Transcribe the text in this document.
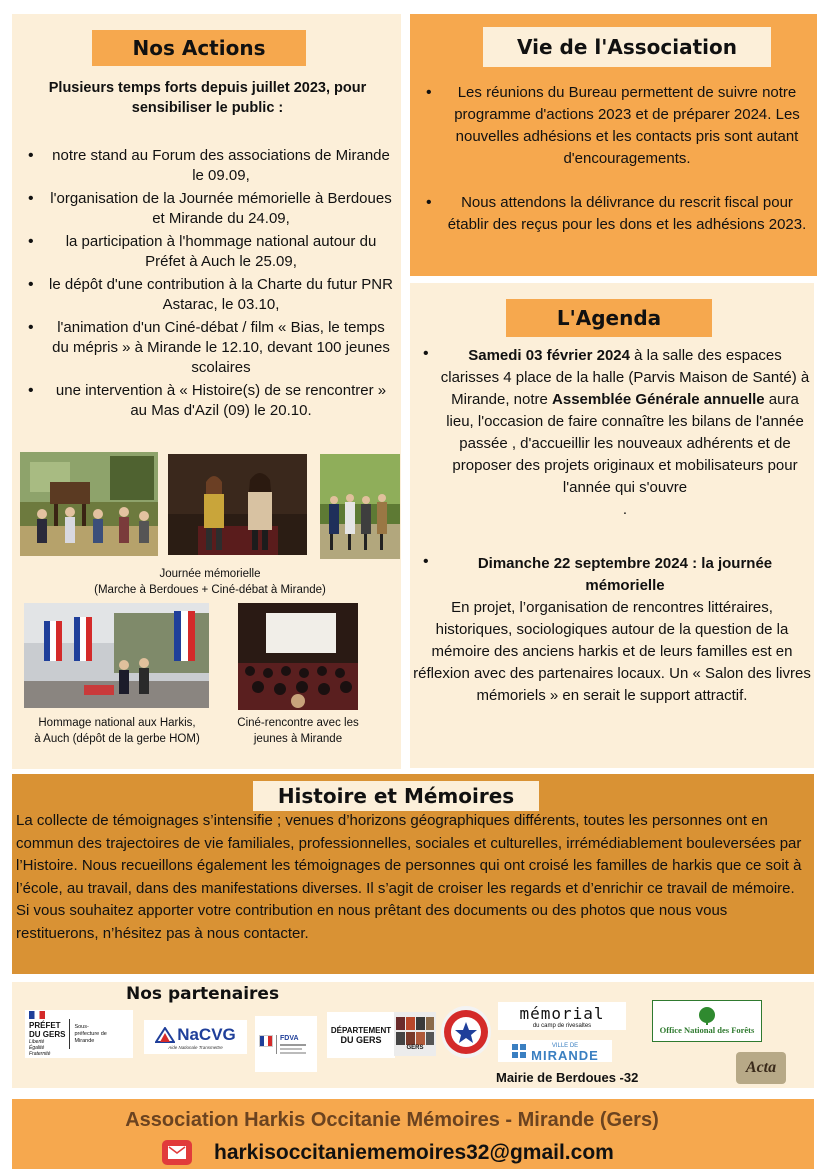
Nos Actions
Plusieurs temps forts depuis juillet 2023, pour sensibiliser le public :
• notre stand au Forum des associations de Mirande le 09.09,
• l'organisation de la Journée mémorielle à Berdoues et Mirande du 24.09,
• la participation à l'hommage national autour du Préfet à Auch le 25.09,
• le dépôt d'une contribution à la Charte du futur PNR Astarac, le 03.10,
• l'animation d'un Ciné-débat / film « Bias, le temps du mépris » à Mirande le 12.10, devant 100 jeunes scolaires
• une intervention à « Histoire(s) de se rencontrer » au Mas d'Azil (09) le 20.10.
Journée mémorielle
(Marche à Berdoues + Ciné-débat à Mirande)
Hommage national aux Harkis,
à Auch (dépôt de la gerbe HOM)
Ciné-rencontre avec les
jeunes à Mirande
Vie de l'Association
• Les réunions du Bureau permettent de suivre notre programme d'actions 2023 et de préparer 2024. Les nouvelles adhésions et les contacts pris sont autant d'encouragements.
• Nous attendons la délivrance du rescrit fiscal pour établir des reçus pour les dons et les adhésions 2023.
L'Agenda
•	Samedi 03 février 2024 à la salle des espaces clarisses 4 place de la halle (Parvis Maison de Santé) à Mirande, notre Assemblée Générale annuelle aura lieu, l'occasion de faire connaître les bilans de l'année passée , d'accueillir les nouveaux adhérents et de proposer des projets originaux et mobilisateurs pour l'année qui s'ouvre
.
•	Dimanche 22 septembre 2024 : la journée mémorielle
En projet, l’organisation de rencontres littéraires, historiques, sociologiques autour de la question de la mémoire des anciens harkis et de leurs familles est en réflexion avec des partenaires locaux. Un « Salon des livres mémoriels » en serait le support attractif.
Histoire et Mémoires
La collecte de témoignages s’intensifie ; venues d’horizons géographiques différents, toutes les personnes ont en commun des trajectoires de vie familiales, professionnelles, sociales et culturelles, irrémédiablement bouleversées par l’Histoire. Nous recueillons également les témoignages de personnes qui ont croisé les familles de harkis que ce soit à l’école, au travail, dans des manifestations diverses. Il s’agit de croiser les regards et d’enrichir ce travail de mémoire. Si vous souhaitez apporter votre contribution en nous prêtant des documents ou des photos que nous vous restituerons, n’hésitez pas à nous contacter.
Nos partenaires
PRÉFET
DU GERS
Liberté Égalité Fraternité
Sous-préfecture de Mirande	NaCVG
Aide Nationale Transmettre
FDVA
DÉPARTEMENT
DU GERS
GERS
mémorial
du camp de rivesaltes
VILLE DE
MIRANDE
Office National des Forêts
Acta
Mairie de Berdoues -32
Association Harkis Occitanie Mémoires - Mirande (Gers)
harkisoccitaniememoires32@gmail.com
